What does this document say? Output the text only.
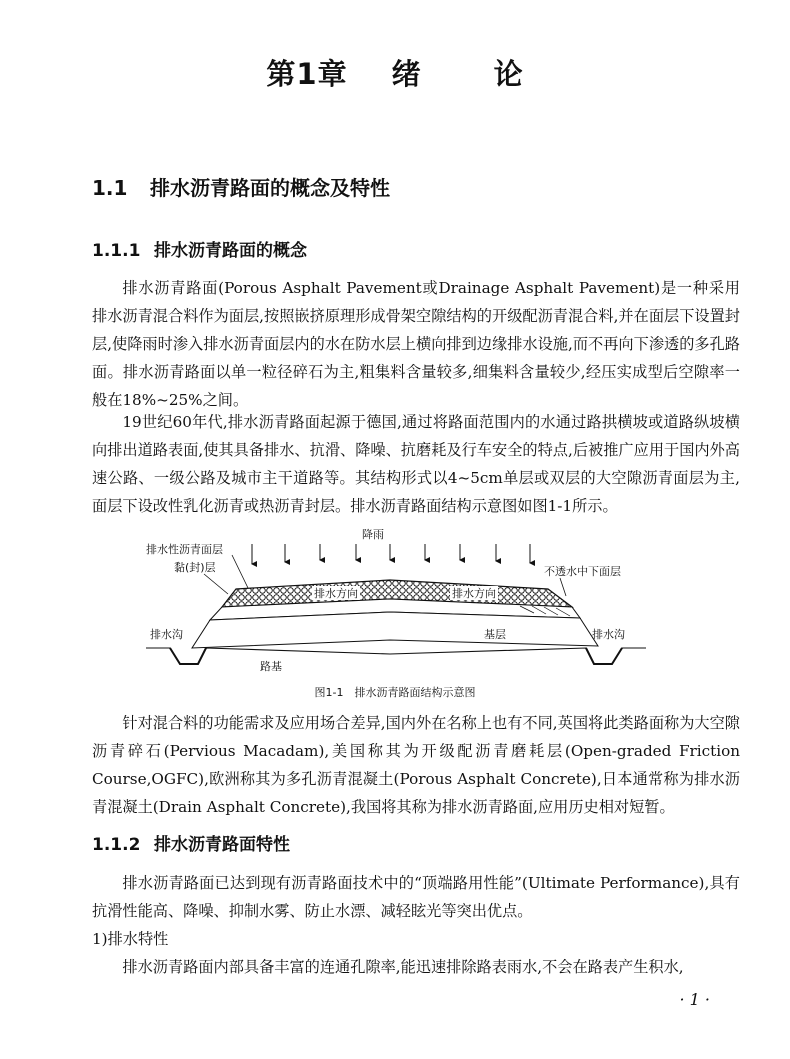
第1章 绪 论
1.1 排水沥青路面的概念及特性
1.1.1 排水沥青路面的概念

排水沥青路面(Porous Asphalt Pavement或Drainage Asphalt Pavement)是一种采用排水沥青混合料作为面层,按照嵌挤原理形成骨架空隙结构的开级配沥青混合料,并在面层下设置封层,使降雨时渗入排水沥青面层内的水在防水层上横向排到边缘排水设施,而不再向下渗透的多孔路面。排水沥青路面以单一粒径碎石为主,粗集料含量较多,细集料含量较少,经压实成型后空隙率一般在18%~25%之间。

19世纪60年代,排水沥青路面起源于德国,通过将路面范围内的水通过路拱横坡或道路纵坡横向排出道路表面,使其具备排水、抗滑、降噪、抗磨耗及行车安全的特点,后被推广应用于国内外高速公路、一级公路及城市主干道路等。其结构形式以4~5cm单层或双层的大空隙沥青面层为主,面层下设改性乳化沥青或热沥青封层。排水沥青路面结构示意图如图1-1所示。

降雨
排水性沥青面层
黏(封)层	不透水中下面层
排水方向	排水方向
基层
排水沟	排水沟
路基
图1-1　排水沥青路面结构示意图

针对混合料的功能需求及应用场合差异,国内外在名称上也有不同,英国将此类路面称为大空隙沥青碎石(Pervious Macadam),美国称其为开级配沥青磨耗层(Open-graded Friction Course,OGFC),欧洲称其为多孔沥青混凝土(Porous Asphalt Concrete),日本通常称为排水沥青混凝土(Drain Asphalt Concrete),我国将其称为排水沥青路面,应用历史相对短暂。

1.1.2 排水沥青路面特性

排水沥青路面已达到现有沥青路面技术中的“顶端路用性能”(Ultimate Performance),具有抗滑性能高、降噪、抑制水雾、防止水漂、减轻眩光等突出优点。

1)排水特性

排水沥青路面内部具备丰富的连通孔隙率,能迅速排除路表雨水,不会在路表产生积水,

· 1 ·
